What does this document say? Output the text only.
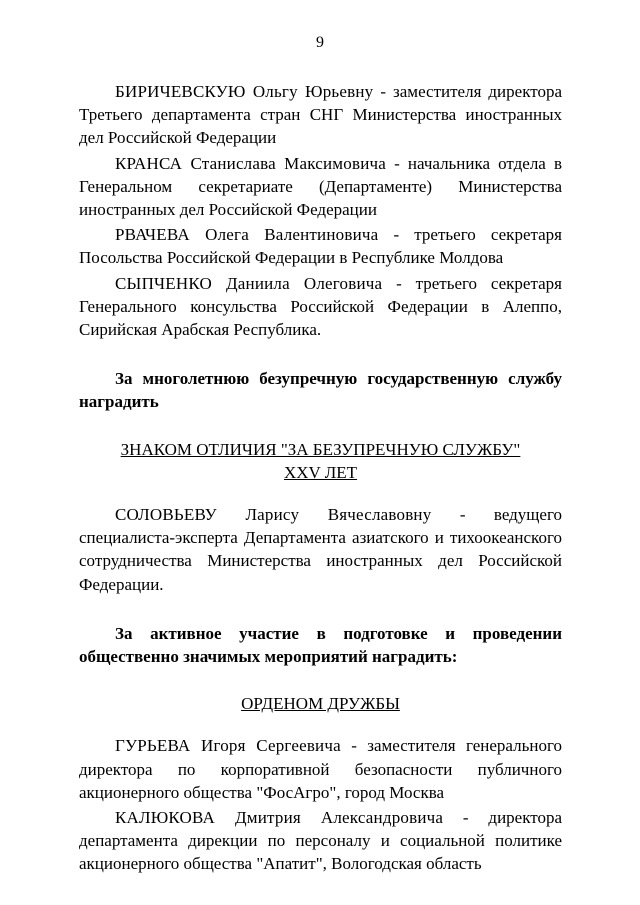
9

БИРИЧЕВСКУЮ Ольгу Юрьевну - заместителя директора Третьего департамента стран СНГ Министерства иностранных дел Российской Федерации

КРАНСА Станислава Максимовича - начальника отдела в Генеральном секретариате (Департаменте) Министерства иностранных дел Российской Федерации

РВАЧЕВА Олега Валентиновича - третьего секретаря Посольства Российской Федерации в Республике Молдова

СЫПЧЕНКО Даниила Олеговича - третьего секретаря Генерального консульства Российской Федерации в Алеппо, Сирийская Арабская Республика.

За многолетнюю безупречную государственную службу наградить
ЗНАКОМ ОТЛИЧИЯ "ЗА БЕЗУПРЕЧНУЮ СЛУЖБУ"
XXV ЛЕТ

СОЛОВЬЕВУ Ларису Вячеславовну - ведущего специалиста-эксперта Департамента азиатского и тихоокеанского сотрудничества Министерства иностранных дел Российской Федерации.

За активное участие в подготовке и проведении общественно значимых мероприятий наградить:
ОРДЕНОМ ДРУЖБЫ

ГУРЬЕВА Игоря Сергеевича - заместителя генерального директора по корпоративной безопасности публичного акционерного общества "ФосАгро", город Москва

КАЛЮКОВА Дмитрия Александровича - директора департамента дирекции по персоналу и социальной политике акционерного общества "Апатит", Вологодская область
